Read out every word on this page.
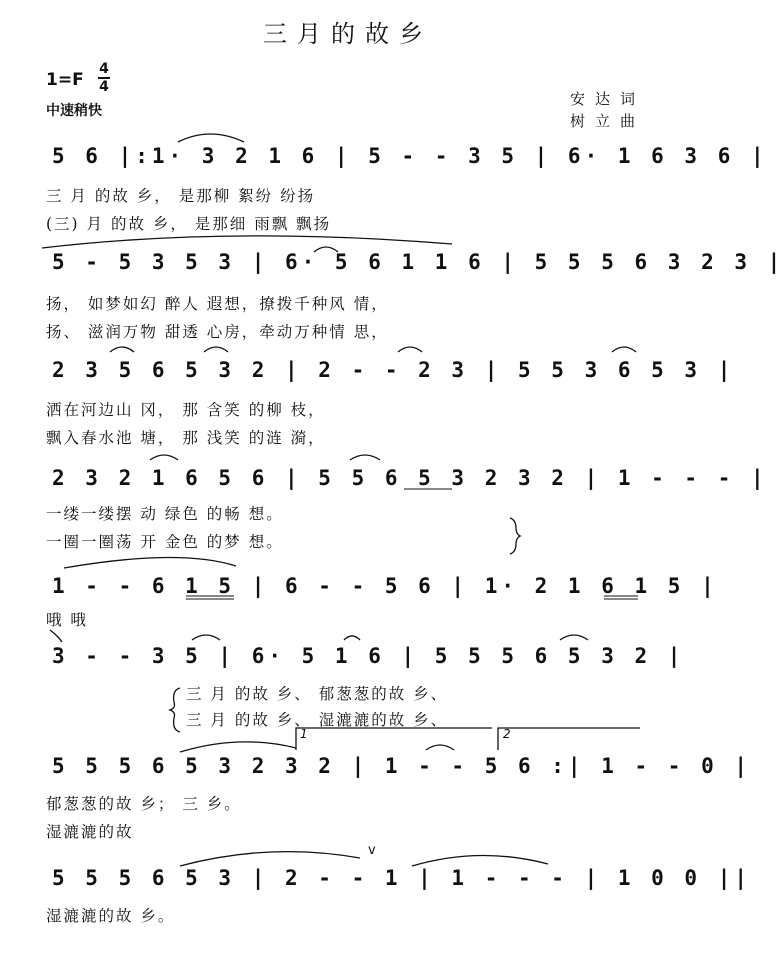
三月的故乡
1=F
4
4
中速稍快
安达词
树立曲
5 6 |:1· 3 2 1 6 | 5 - - 3 5 | 6· 1 6 3 6 |
三 月 的故 乡， 是那柳 絮纷 纷扬
(三) 月 的故 乡， 是那细 雨飘 飘扬
5 - 5 3 5 3 | 6· 5 6 1 1 6 | 5 5 5 6 3 2 3 |
扬， 如梦如幻 醉人 遐想，撩拨千种风 情，
扬、 滋润万物 甜透 心房，牵动万种情 思，
2 3 5 6 5 3 2 | 2 - - 2 3 | 5 5 3 6 5 3 |
洒在河边山 冈， 那 含笑 的柳 枝，
飘入春水池 塘， 那 浅笑 的涟 漪，
2 3 2 1 6 5 6 | 5 5 6 5 3 2 3 2 | 1 - - - |
一缕一缕摆 动 绿色 的畅 想。
一圈一圈荡 开 金色 的梦 想。
1 - - 6 1 5 | 6 - - 5 6 | 1· 2 1 6 1 5 |
哦 哦
3 - - 3 5 | 6· 5 1 6 | 5 5 5 6 5 3 2 |
三 月 的故 乡、 郁葱葱的故 乡、
三 月 的故 乡、 湿漉漉的故 乡、
5 5 5 6 5 3 2 3 2 | 1 - - 5 6 :| 1 - - 0 |
1	2
郁葱葱的故 乡； 三 乡。
湿漉漉的故
v
5 5 5 6 5 3 | 2 - - 1 | 1 - - - | 1 0 0 ||
湿漉漉的故 乡。
